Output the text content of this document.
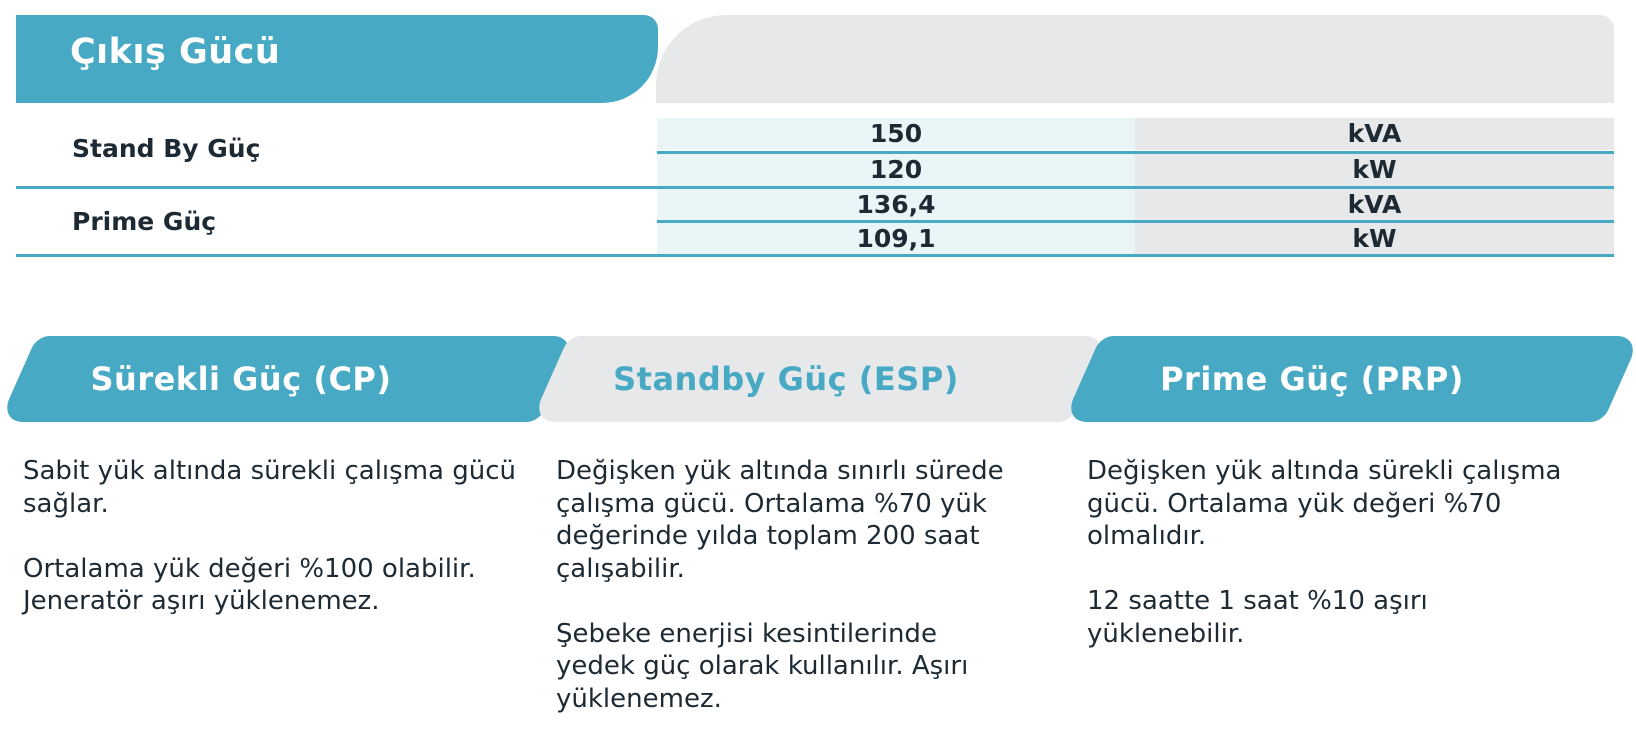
Çıkış Gücü
Stand By Güç
150	kVA
120	kW
Prime Güç
136,4	kVA
109,1	kW
Sürekli Güç (CP)	Standby Güç (ESP)	Prime Güç (PRP)

Sabit yük altında sürekli çalışma gücü sağlar.

Ortalama yük değeri %100 olabilir. Jeneratör aşırı yüklenemez.

Değişken yük altında sınırlı sürede çalışma gücü. Ortalama %70 yük değerinde yılda toplam 200 saat çalışabilir.

Şebeke enerjisi kesintilerinde yedek güç olarak kullanılır. Aşırı yüklenemez.

Değişken yük altında sürekli çalışma gücü. Ortalama yük değeri %70 olmalıdır.

12 saatte 1 saat %10 aşırı yüklenebilir.
